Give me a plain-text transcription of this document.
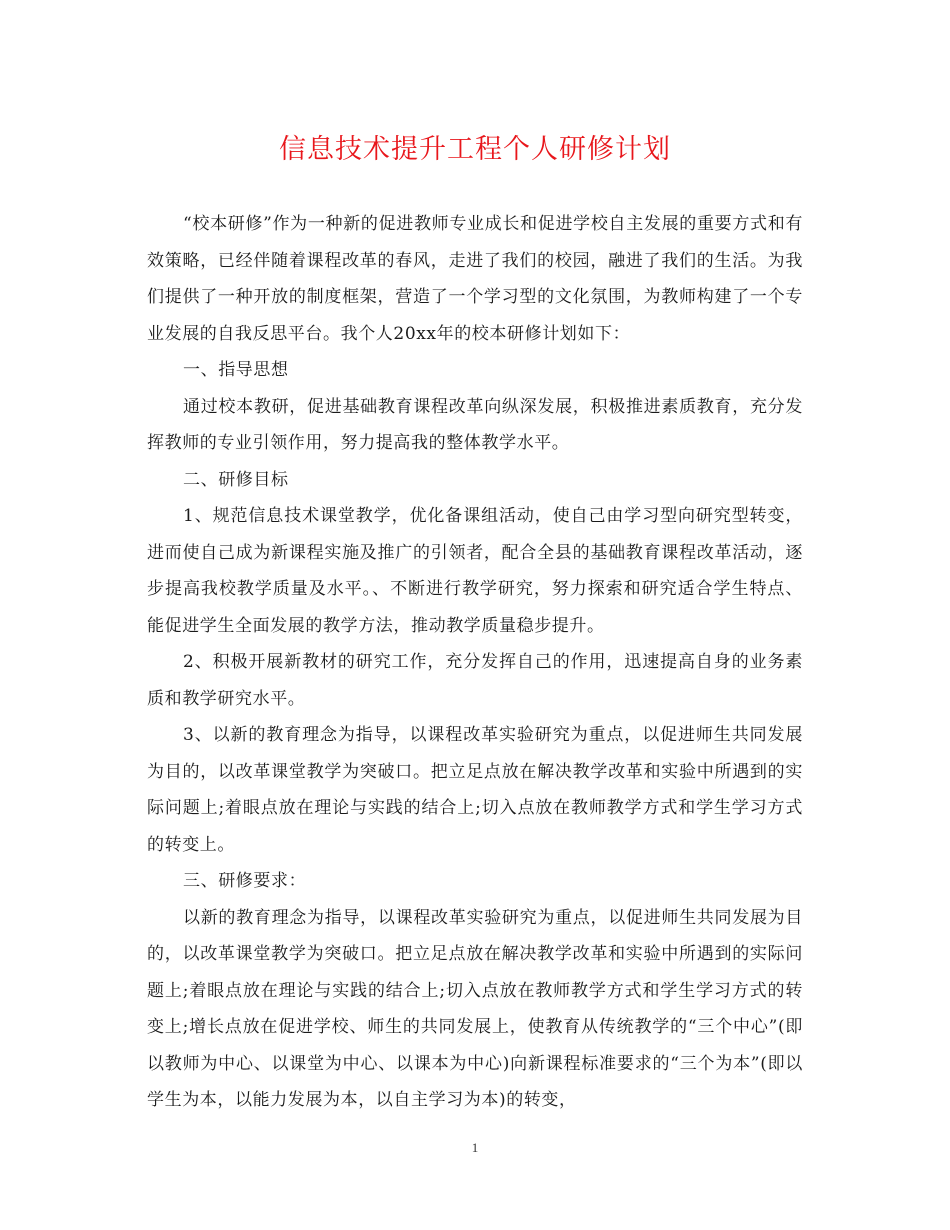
信息技术提升工程个人研修计划

“校本研修”作为一种新的促进教师专业成长和促进学校自主发展的重要方式和有效策略，已经伴随着课程改革的春风，走进了我们的校园，融进了我们的生活。为我们提供了一种开放的制度框架，营造了一个学习型的文化氛围，为教师构建了一个专业发展的自我反思平台。我个人20xx年的校本研修计划如下：

一、指导思想

通过校本教研，促进基础教育课程改革向纵深发展，积极推进素质教育，充分发挥教师的专业引领作用，努力提高我的整体教学水平。

二、研修目标

1、规范信息技术课堂教学，优化备课组活动，使自己由学习型向研究型转变，进而使自己成为新课程实施及推广的引领者，配合全县的基础教育课程改革活动，逐步提高我校教学质量及水平。、不断进行教学研究，努力探索和研究适合学生特点、能促进学生全面发展的教学方法，推动教学质量稳步提升。

2、积极开展新教材的研究工作，充分发挥自己的作用，迅速提高自身的业务素质和教学研究水平。

3、以新的教育理念为指导，以课程改革实验研究为重点，以促进师生共同发展为目的，以改革课堂教学为突破口。把立足点放在解决教学改革和实验中所遇到的实际问题上;着眼点放在理论与实践的结合上;切入点放在教师教学方式和学生学习方式的转变上。

三、研修要求：

以新的教育理念为指导，以课程改革实验研究为重点，以促进师生共同发展为目的，以改革课堂教学为突破口。把立足点放在解决教学改革和实验中所遇到的实际问题上;着眼点放在理论与实践的结合上;切入点放在教师教学方式和学生学习方式的转变上;增长点放在促进学校、师生的共同发展上，使教育从传统教学的“三个中心”(即以教师为中心、以课堂为中心、以课本为中心)向新课程标准要求的“三个为本”(即以学生为本，以能力发展为本，以自主学习为本)的转变，

1
